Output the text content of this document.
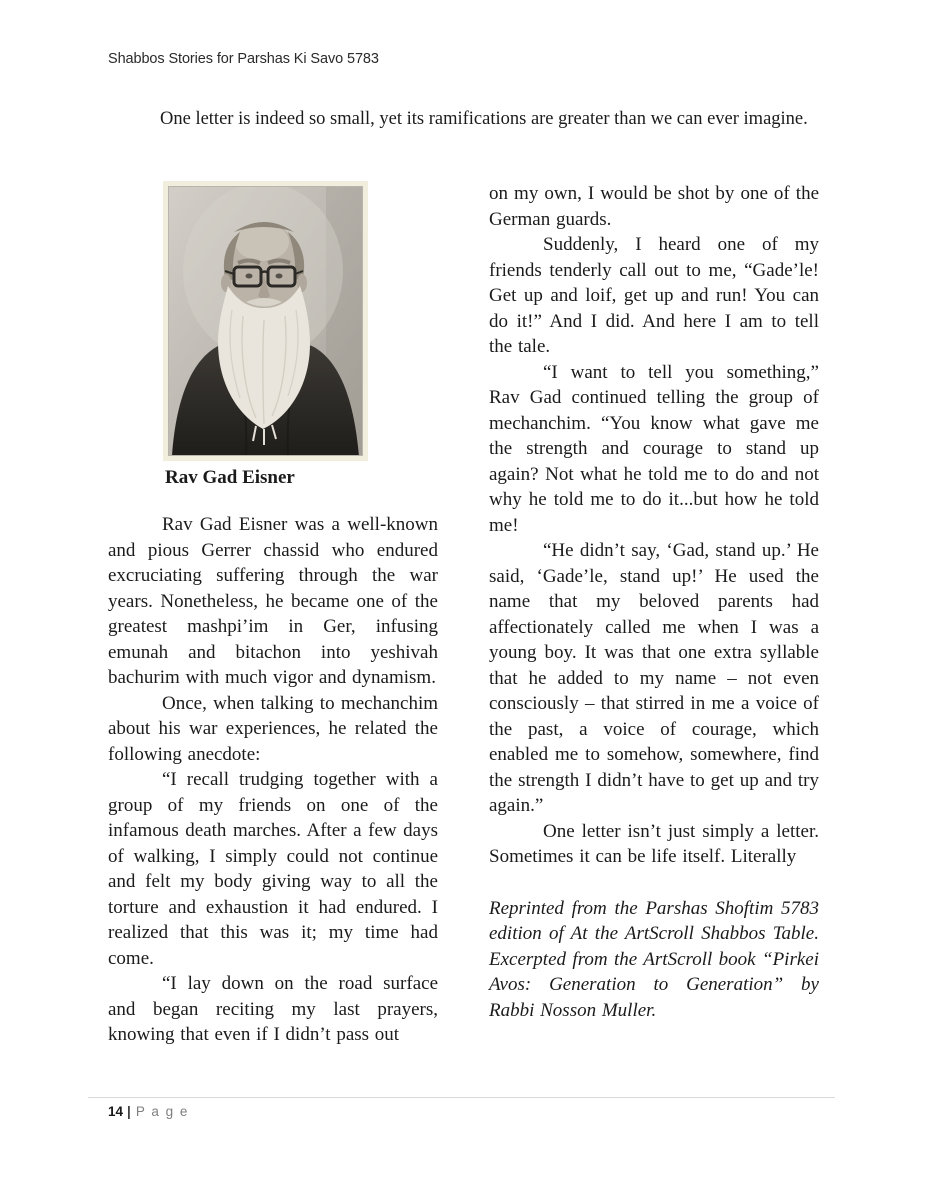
Shabbos Stories for Parshas Ki Savo 5783

One letter is indeed so small, yet its ramifications are greater than we can ever imagine.

Rav Gad Eisner

Rav Gad Eisner was a well-known and pious Gerrer chassid who endured excruciating suffering through the war years. Nonetheless, he became one of the greatest mashpi’im in Ger, infusing emunah and bitachon into yeshivah bachurim with much vigor and dynamism.

Once, when talking to mechanchim about his war experiences, he related the following anecdote:

“I recall trudging together with a group of my friends on one of the infamous death marches. After a few days of walking, I simply could not continue and felt my body giving way to all the torture and exhaustion it had endured. I realized that this was it; my time had come.

“I lay down on the road surface and began reciting my last prayers, knowing that even if I didn’t pass out

on my own, I would be shot by one of the German guards.

Suddenly, I heard one of my friends tenderly call out to me, “Gade’le! Get up and loif, get up and run! You can do it!” And I did. And here I am to tell the tale.

“I want to tell you something,” Rav Gad continued telling the group of mechanchim. “You know what gave me the strength and courage to stand up again? Not what he told me to do and not why he told me to do it...but how he told me!

“He didn’t say, ‘Gad, stand up.’ He said, ‘Gade’le, stand up!’ He used the name that my beloved parents had affectionately called me when I was a young boy. It was that one extra syllable that he added to my name – not even consciously – that stirred in me a voice of the past, a voice of courage, which enabled me to somehow, somewhere, find the strength I didn’t have to get up and try again.”

One letter isn’t just simply a letter. Sometimes it can be life itself. Literally

Reprinted from the Parshas Shoftim 5783 edition of At the ArtScroll Shabbos Table. Excerpted from the ArtScroll book “Pirkei Avos: Generation to Generation” by Rabbi Nosson Muller.

14 | P a g e
